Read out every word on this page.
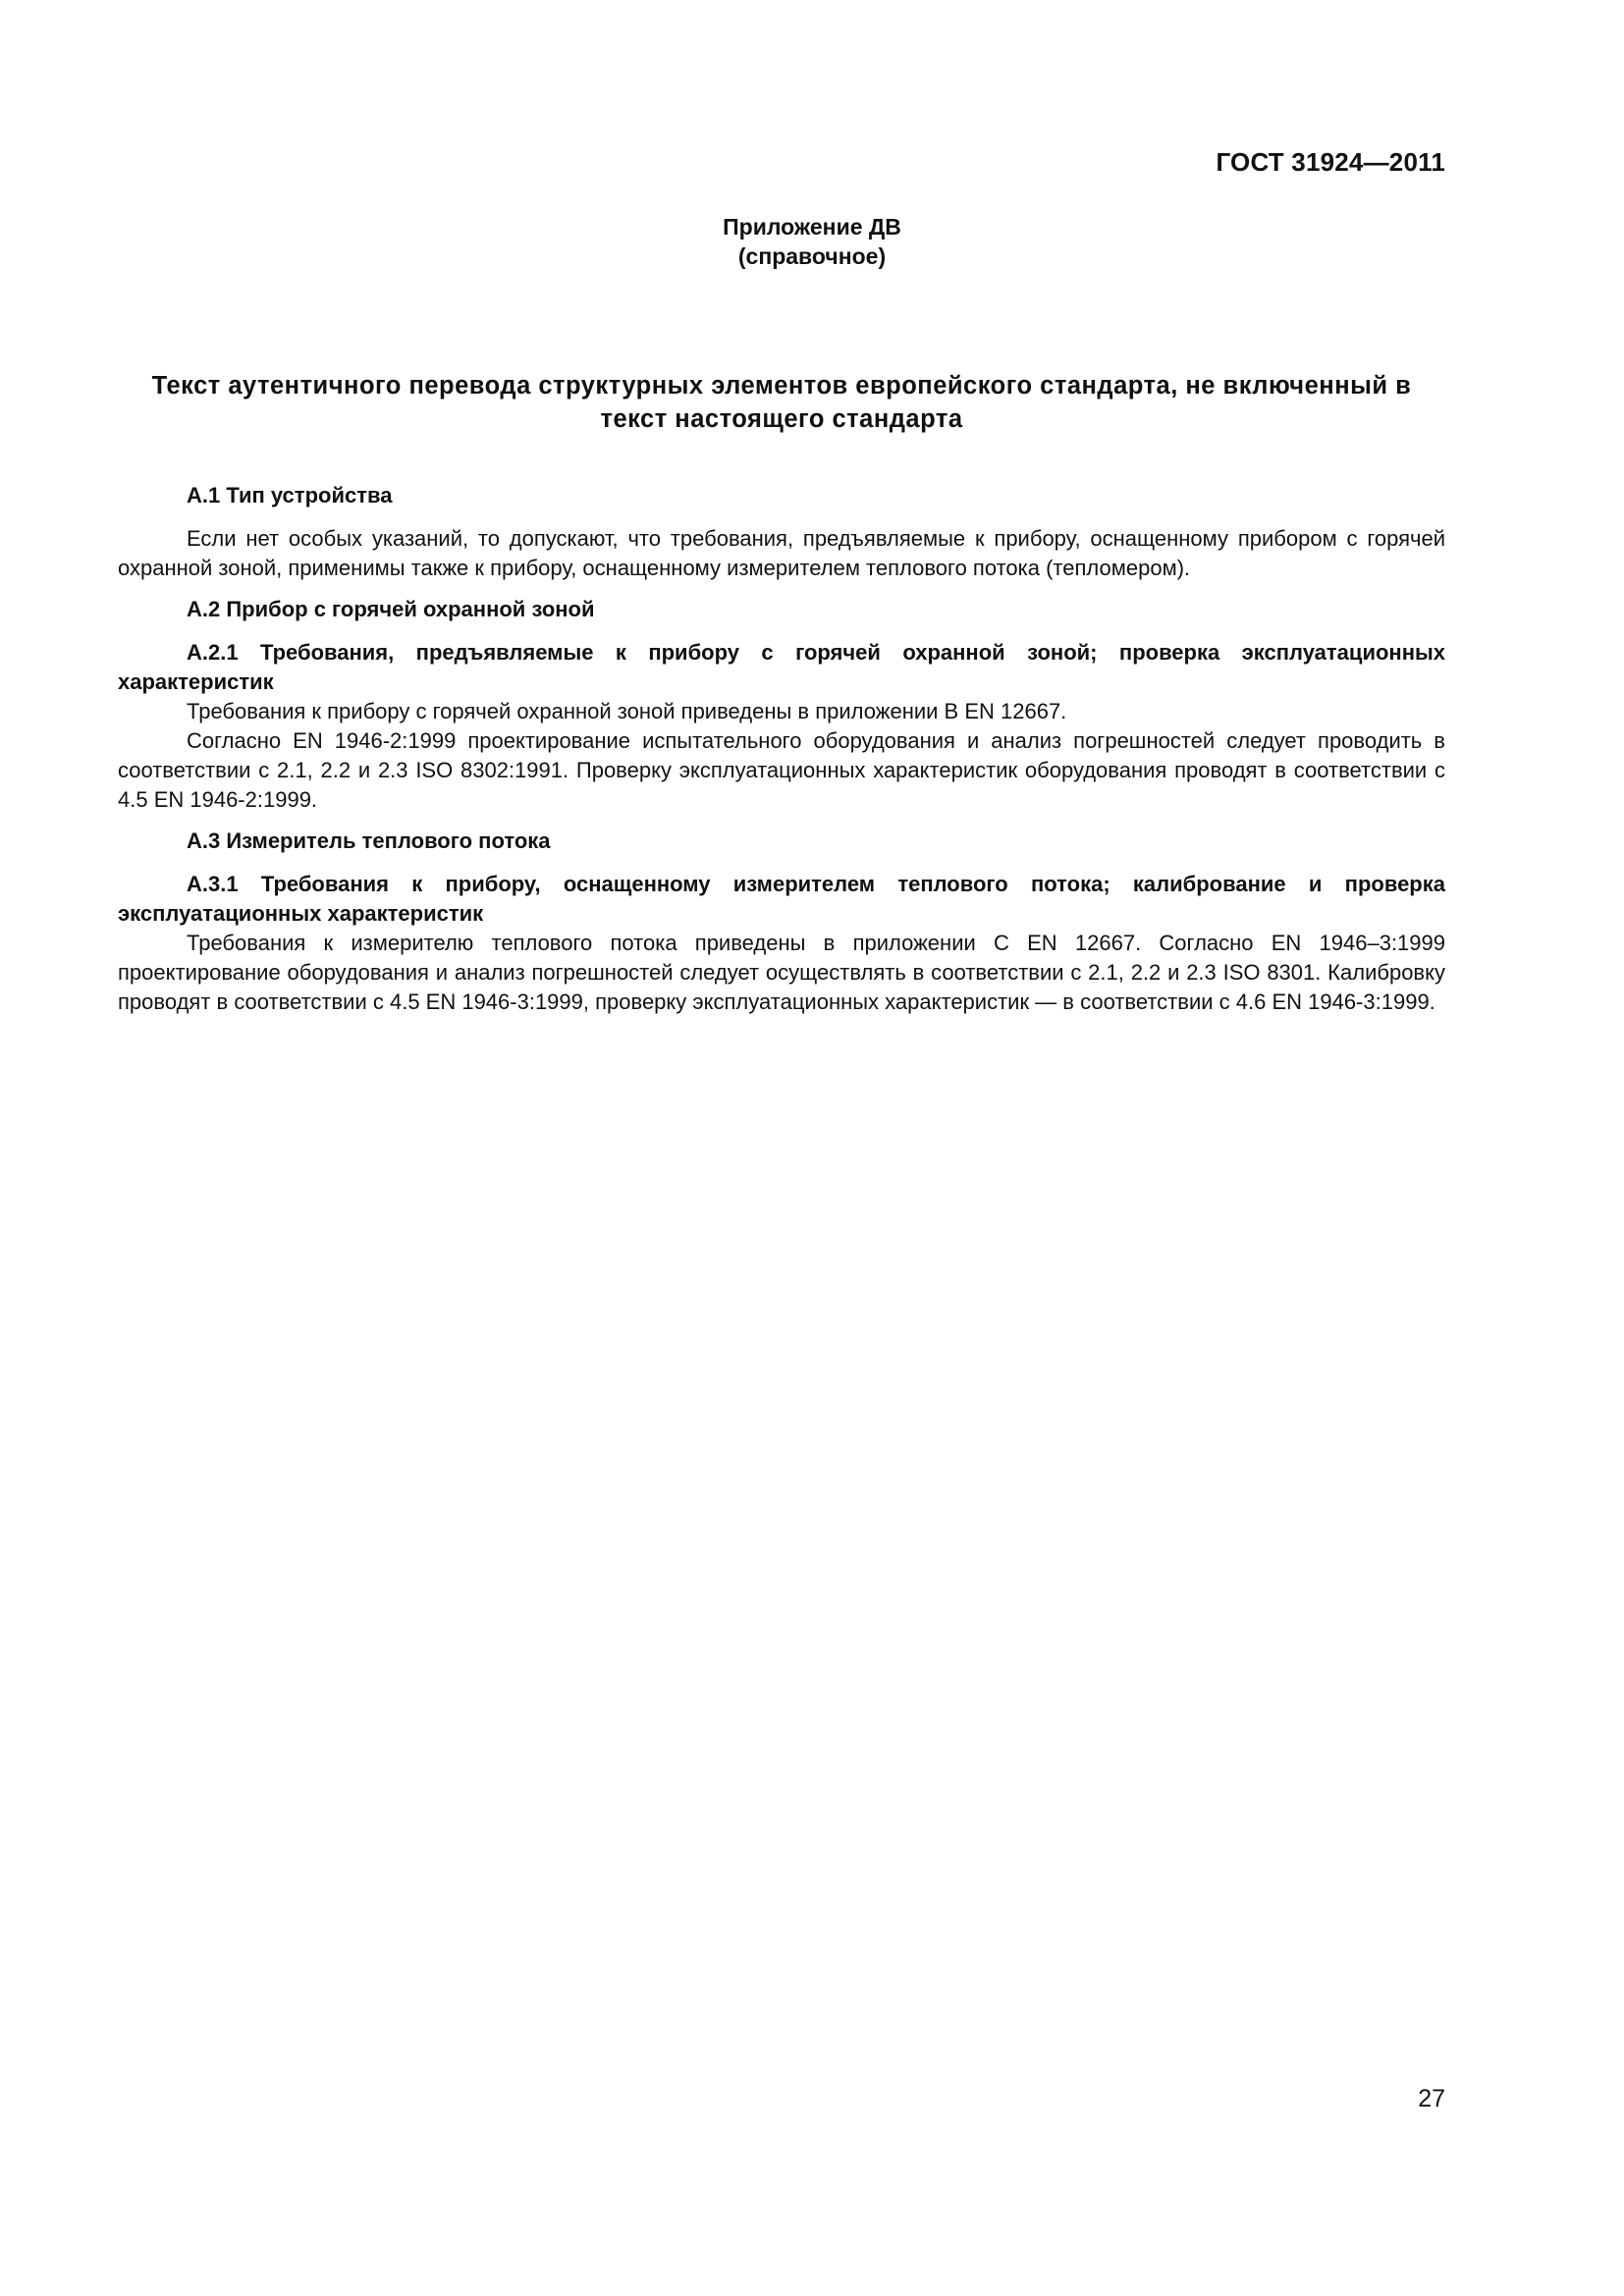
ГОСТ 31924—2011
Приложение ДВ
(справочное)
Текст аутентичного перевода структурных элементов европейского стандарта, не включенный в текст настоящего стандарта

А.1 Тип устройства

Если нет особых указаний, то допускают, что требования, предъявляемые к прибору, оснащенному прибором с горячей охранной зоной, применимы также к прибору, оснащенному измерителем теплового потока (тепломером).

А.2 Прибор с горячей охранной зоной

А.2.1 Требования, предъявляемые к прибору с горячей охранной зоной; проверка эксплуатационных характеристик

Требования к прибору с горячей охранной зоной приведены в приложении В EN 12667.

Согласно EN 1946-2:1999 проектирование испытательного оборудования и анализ погрешностей следует проводить в соответствии с 2.1, 2.2 и 2.3 ISO 8302:1991. Проверку эксплуатационных характеристик оборудования проводят в соответствии с 4.5 EN 1946-2:1999.

А.3 Измеритель теплового потока

А.3.1 Требования к прибору, оснащенному измерителем теплового потока; калибрование и проверка эксплуатационных характеристик

Требования к измерителю теплового потока приведены в приложении С EN 12667. Согласно EN 1946–3:1999 проектирование оборудования и анализ погрешностей следует осуществлять в соответствии с 2.1, 2.2 и 2.3 ISO 8301. Калибровку проводят в соответствии с 4.5 EN 1946-3:1999, проверку эксплуатационных характеристик — в соответствии с 4.6 EN 1946-3:1999.

27
